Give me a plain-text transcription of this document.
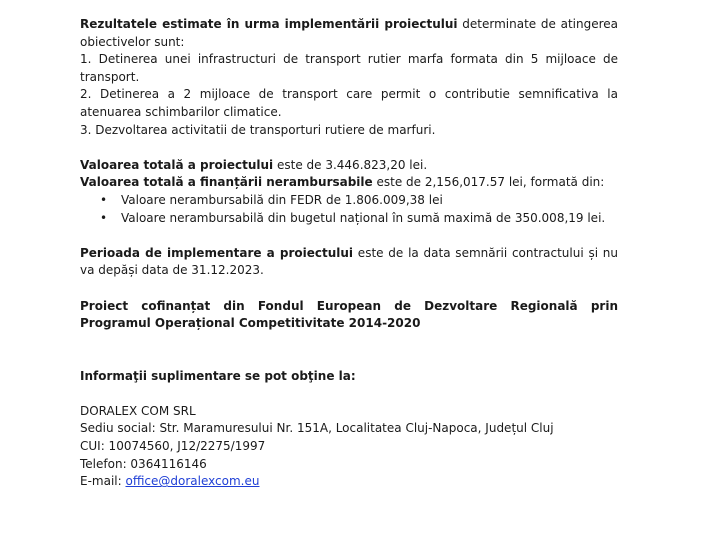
Rezultatele estimate în urma implementării proiectului determinate de atingerea obiectivelor sunt:

1. Detinerea unei infrastructuri de transport rutier marfa formata din 5 mijloace de transport.

2. Detinerea a 2 mijloace de transport care permit o contributie semnificativa la atenuarea schimbarilor climatice.

3. Dezvoltarea activitatii de transporturi rutiere de marfuri.

Valoarea totală a proiectului este de 3.446.823,20 lei.

Valoarea totală a finanțării nerambursabile este de 2,156,017.57 lei, formată din:

• Valoare nerambursabilă din FEDR de 1.806.009,38 lei
• Valoare nerambursabilă din bugetul național în sumă maximă de 350.008,19 lei.

Perioada de implementare a proiectului este de la data semnării contractului și nu va depăși data de 31.12.2023.

Proiect cofinanțat din Fondul European de Dezvoltare Regională prin Programul Operațional Competitivitate 2014-2020

Informaţii suplimentare se pot obţine la:

DORALEX COM SRL

Sediu social: Str. Maramuresului Nr. 151A, Localitatea Cluj-Napoca, Județul Cluj

CUI: 10074560, J12/2275/1997

Telefon: 0364116146

E-mail: office@doralexcom.eu
